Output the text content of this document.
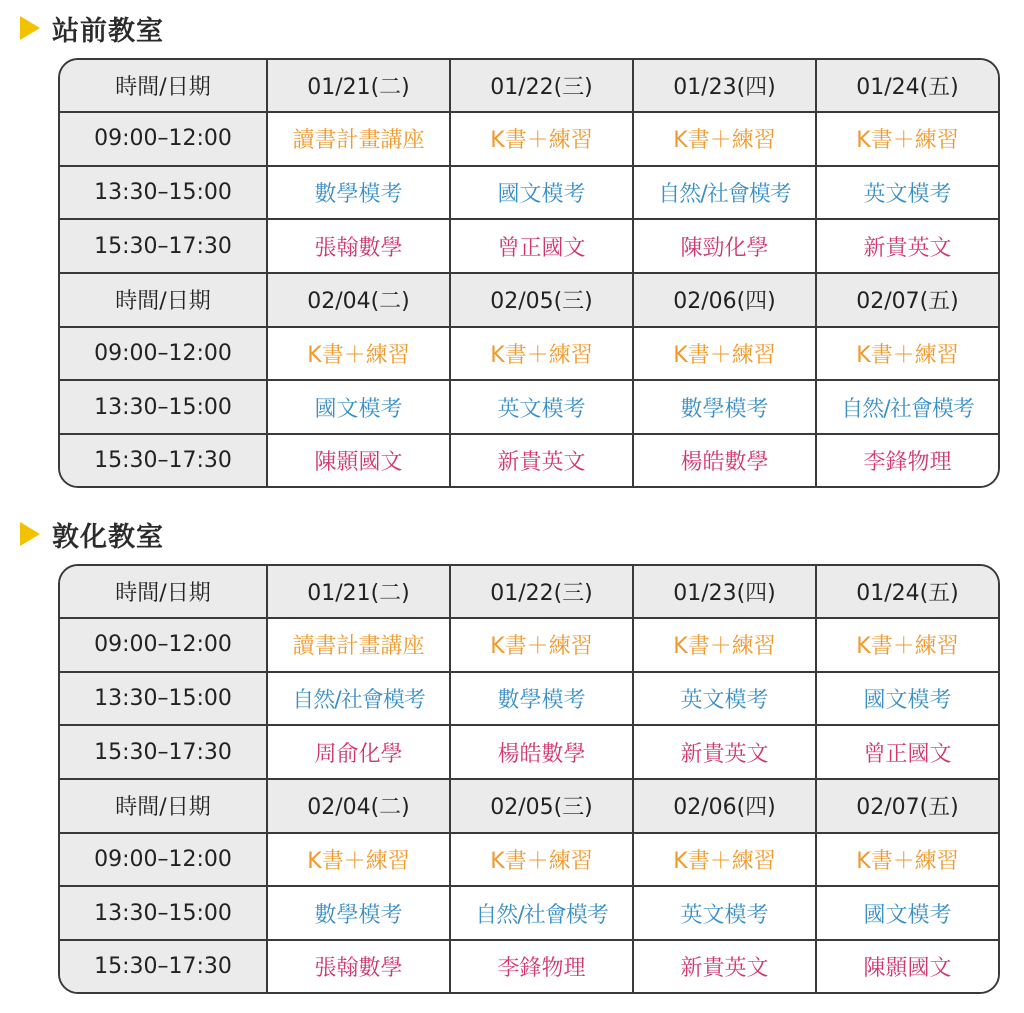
站前教室
時間/日期	01/21(二)	01/22(三)	01/23(四)	01/24(五)
09:00–12:00	讀書計畫講座	K書＋練習	K書＋練習	K書＋練習
13:30–15:00	數學模考	國文模考	自然/社會模考	英文模考
15:30–17:30	張翰數學	曾正國文	陳勁化學	新貴英文
時間/日期	02/04(二)	02/05(三)	02/06(四)	02/07(五)
09:00–12:00	K書＋練習	K書＋練習	K書＋練習	K書＋練習
13:30–15:00	國文模考	英文模考	數學模考	自然/社會模考
15:30–17:30	陳顥國文	新貴英文	楊皓數學	李鋒物理
敦化教室
時間/日期	01/21(二)	01/22(三)	01/23(四)	01/24(五)
09:00–12:00	讀書計畫講座	K書＋練習	K書＋練習	K書＋練習
13:30–15:00	自然/社會模考	數學模考	英文模考	國文模考
15:30–17:30	周俞化學	楊皓數學	新貴英文	曾正國文
時間/日期	02/04(二)	02/05(三)	02/06(四)	02/07(五)
09:00–12:00	K書＋練習	K書＋練習	K書＋練習	K書＋練習
13:30–15:00	數學模考	自然/社會模考	英文模考	國文模考
15:30–17:30	張翰數學	李鋒物理	新貴英文	陳顥國文
